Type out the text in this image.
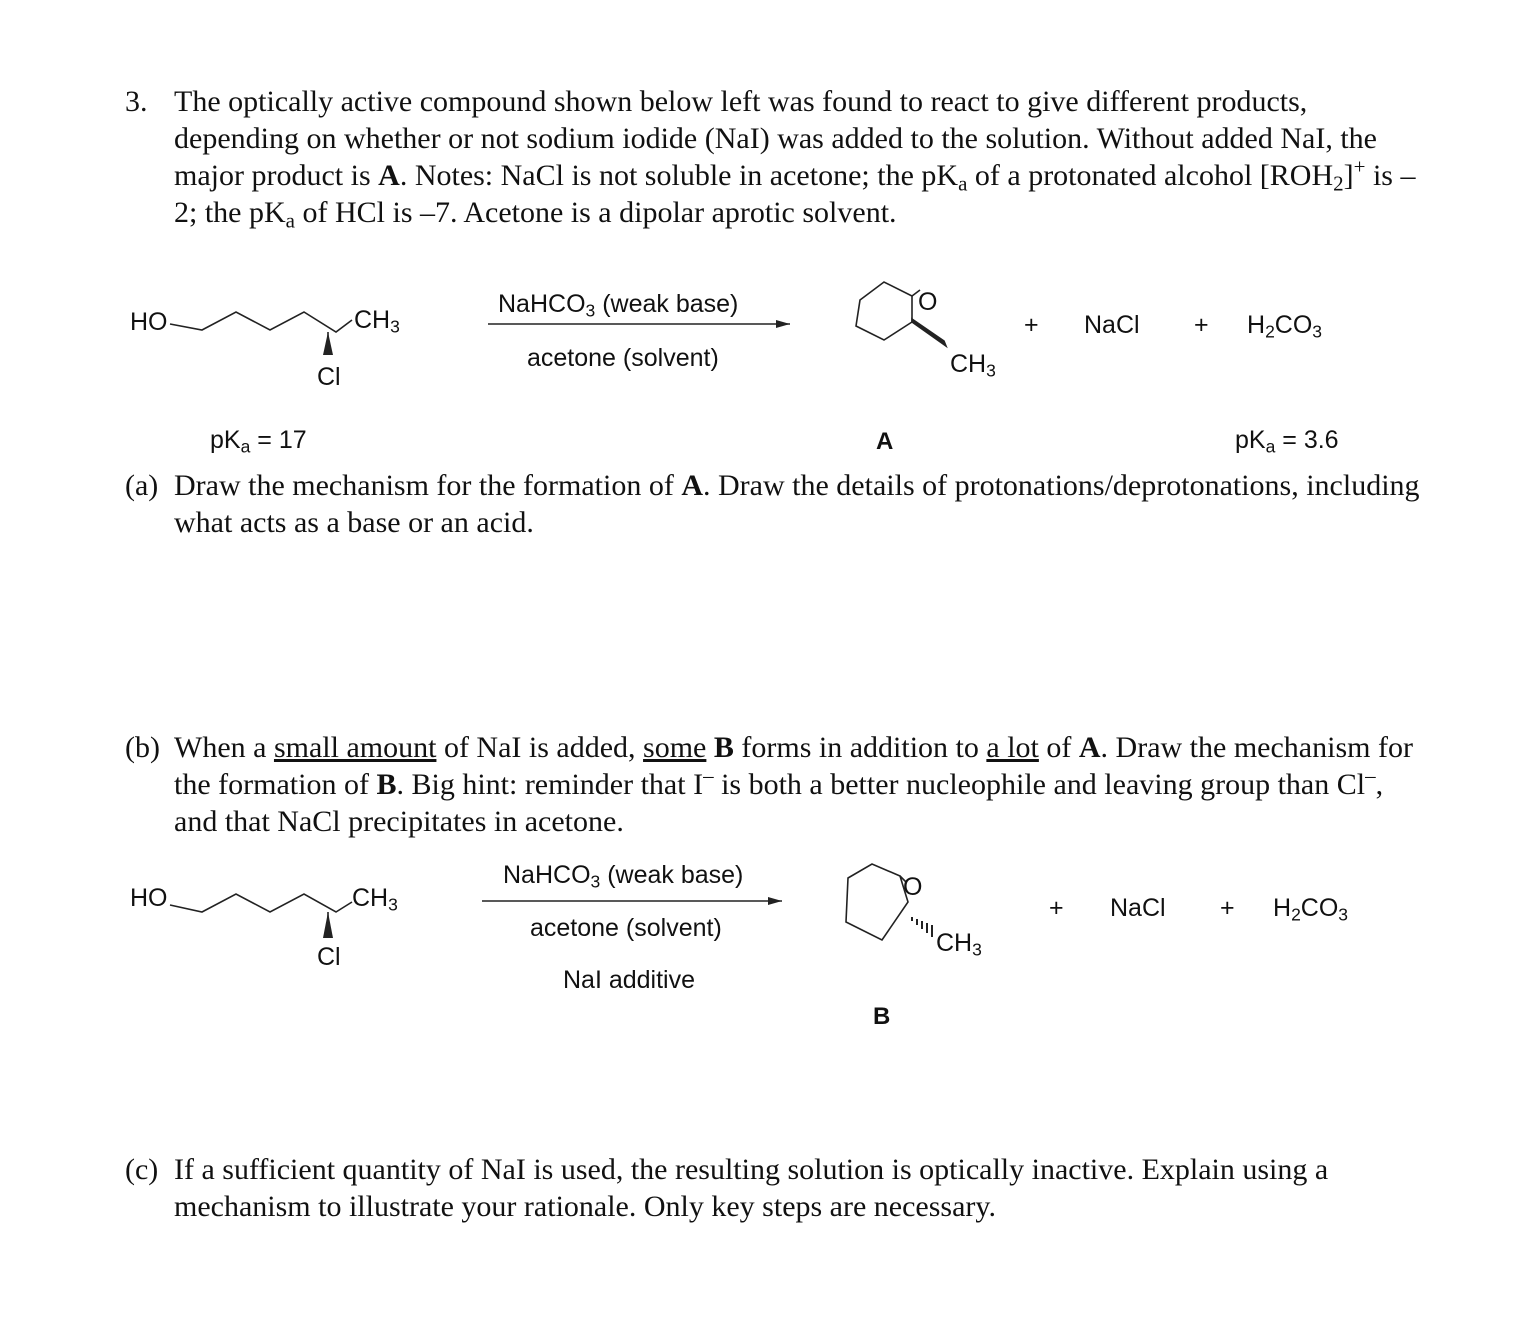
3. The optically active compound shown below left was found to react to give different products, depending on whether or not sodium iodide (NaI) was added to the solution. Without added NaI, the major product is A. Notes: NaCl is not soluble in acetone; the $pK_a$ of a protonated alcohol $[ROH_2]^+$ is –2; the $pK_a$ of HCl is –7. Acetone is a dipolar aprotic solvent.
HO	$CH_3$
Cl
NaHCO$_3$ (weak base)
acetone (solvent)
O
$CH_3$
+ NaCl + $H_2CO_3$
$pK_a = 17$	A	$pK_a = 3.6$
(a) Draw the mechanism for the formation of A. Draw the details of protonations/deprotonations, including what acts as a base or an acid.
(b) When a small amount of NaI is added, some B forms in addition to a lot of A. Draw the mechanism for the formation of B. Big hint: reminder that I– is both a better nucleophile and leaving group than Cl–, and that NaCl precipitates in acetone.
HO	$CH_3$
Cl
NaHCO$_3$ (weak base)
acetone (solvent)
NaI additive
O
$CH_3$
+ NaCl + $H_2CO_3$
B
(c) If a sufficient quantity of NaI is used, the resulting solution is optically inactive. Explain using a mechanism to illustrate your rationale. Only key steps are necessary.
